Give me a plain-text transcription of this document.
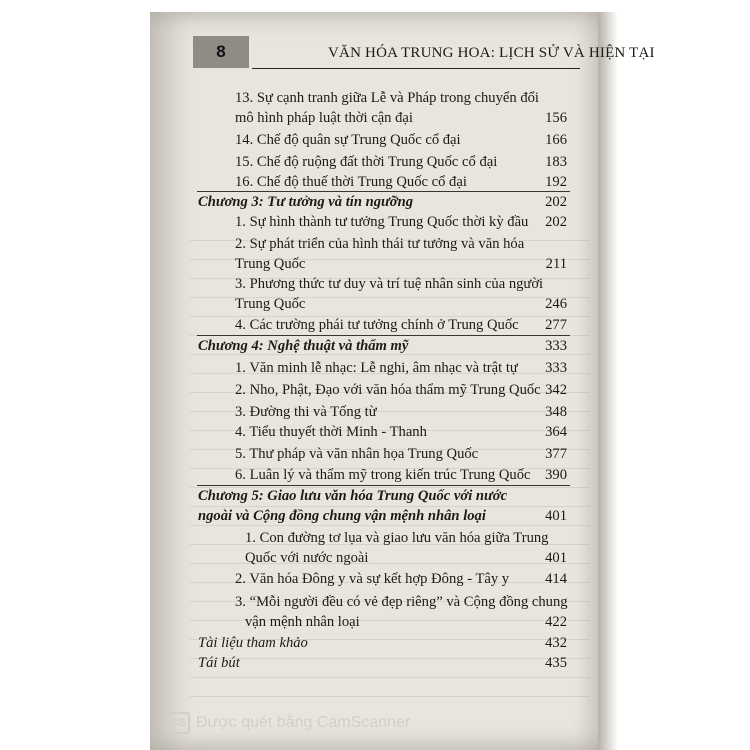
8	VĂN HÓA TRUNG HOA: LỊCH SỬ VÀ HIỆN TẠI
13. Sự cạnh tranh giữa Lễ và Pháp trong chuyển đổi
mô hình pháp luật thời cận đại	156
14. Chế độ quân sự Trung Quốc cổ đại	166
15. Chế độ ruộng đất thời Trung Quốc cổ đại	183
16. Chế độ thuế thời Trung Quốc cổ đại	192
Chương 3: Tư tưởng và tín ngưỡng	202
1. Sự hình thành tư tưởng Trung Quốc thời kỳ đầu 202
2. Sự phát triển của hình thái tư tưởng và văn hóa
Trung Quốc	211
3. Phương thức tư duy và trí tuệ nhân sinh của người
Trung Quốc	246
4. Các trường phái tư tưởng chính ở Trung Quốc 277
Chương 4: Nghệ thuật và thẩm mỹ	333
1. Văn minh lễ nhạc: Lễ nghi, âm nhạc và trật tự 333
2. Nho, Phật, Đạo với văn hóa thẩm mỹ Trung Quốc 342
3. Đường thi và Tống từ	348
4. Tiểu thuyết thời Minh - Thanh	364
5. Thư pháp và văn nhân họa Trung Quốc	377
6. Luân lý và thẩm mỹ trong kiến trúc Trung Quốc 390
Chương 5: Giao lưu văn hóa Trung Quốc với nước
ngoài và Cộng đồng chung vận mệnh nhân loại	401
1. Con đường tơ lụa và giao lưu văn hóa giữa Trung
Quốc với nước ngoài	401
2. Văn hóa Đông y và sự kết hợp Đông - Tây y 414
3. “Mỗi người đều có vẻ đẹp riêng” và Cộng đồng chung
vận mệnh nhân loại	422
Tài liệu tham khảo	432
Tái bút	435
CS Được quét bằng CamScanner
